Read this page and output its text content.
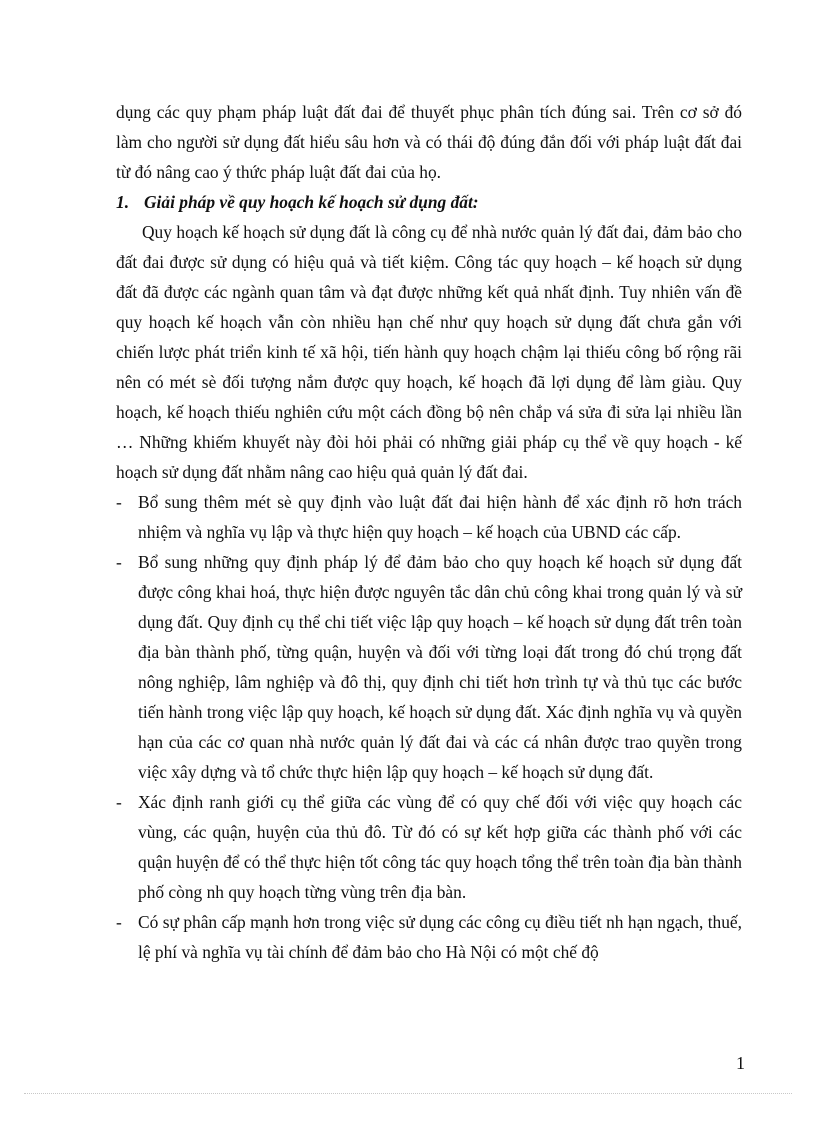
dụng các quy phạm pháp luật đất đai để thuyết phục phân tích đúng sai. Trên cơ sở đó làm cho người sử dụng đất hiểu sâu hơn và có thái độ đúng đắn đối với pháp luật đất đai từ đó nâng cao ý thức pháp luật đất đai của họ.

1. Giải pháp về quy hoạch kế hoạch sử dụng đất:

Quy hoạch kế hoạch sử dụng đất là công cụ để nhà nước quản lý đất đai, đảm bảo cho đất đai được sử dụng có hiệu quả và tiết kiệm. Công tác quy hoạch – kế hoạch sử dụng đất đã được các ngành quan tâm và đạt được những kết quả nhất định. Tuy nhiên vấn đề quy hoạch kế hoạch vẫn còn nhiều hạn chế như quy hoạch sử dụng đất chưa gắn với chiến lược phát triển kinh tế xã hội, tiến hành quy hoạch chậm lại thiếu công bố rộng rãi nên có mét sè đối tượng nắm được quy hoạch, kế hoạch đã lợi dụng để làm giàu. Quy hoạch, kế hoạch thiếu nghiên cứu một cách đồng bộ nên chắp vá sửa đi sửa lại nhiều lần … Những khiếm khuyết này đòi hỏi phải có những giải pháp cụ thể về quy hoạch - kế hoạch sử dụng đất nhằm nâng cao hiệu quả quản lý đất đai.

- Bổ sung thêm mét sè quy định vào luật đất đai hiện hành để xác định rõ hơn trách nhiệm và nghĩa vụ lập và thực hiện quy hoạch – kế hoạch của UBND các cấp.
- Bổ sung những quy định pháp lý để đảm bảo cho quy hoạch kế hoạch sử dụng đất được công khai hoá, thực hiện được nguyên tắc dân chủ công khai trong quản lý và sử dụng đất. Quy định cụ thể chi tiết việc lập quy hoạch – kế hoạch sử dụng đất trên toàn địa bàn thành phố, từng quận, huyện và đối với từng loại đất trong đó chú trọng đất nông nghiệp, lâm nghiệp và đô thị, quy định chi tiết hơn trình tự và thủ tục các bước tiến hành trong việc lập quy hoạch, kế hoạch sử dụng đất. Xác định nghĩa vụ và quyền hạn của các cơ quan nhà nước quản lý đất đai và các cá nhân được trao quyền trong việc xây dựng và tổ chức thực hiện lập quy hoạch – kế hoạch sử dụng đất.
- Xác định ranh giới cụ thể giữa các vùng để có quy chế đối với việc quy hoạch các vùng, các quận, huyện của thủ đô. Từ đó có sự kết hợp giữa các thành phố với các quận huyện để có thể thực hiện tốt công tác quy hoạch tổng thể trên toàn địa bàn thành phố còng nh quy hoạch từng vùng trên địa bàn.
- Có sự phân cấp mạnh hơn trong việc sử dụng các công cụ điều tiết nh hạn ngạch, thuế, lệ phí và nghĩa vụ tài chính để đảm bảo cho Hà Nội có một chế độ
1
